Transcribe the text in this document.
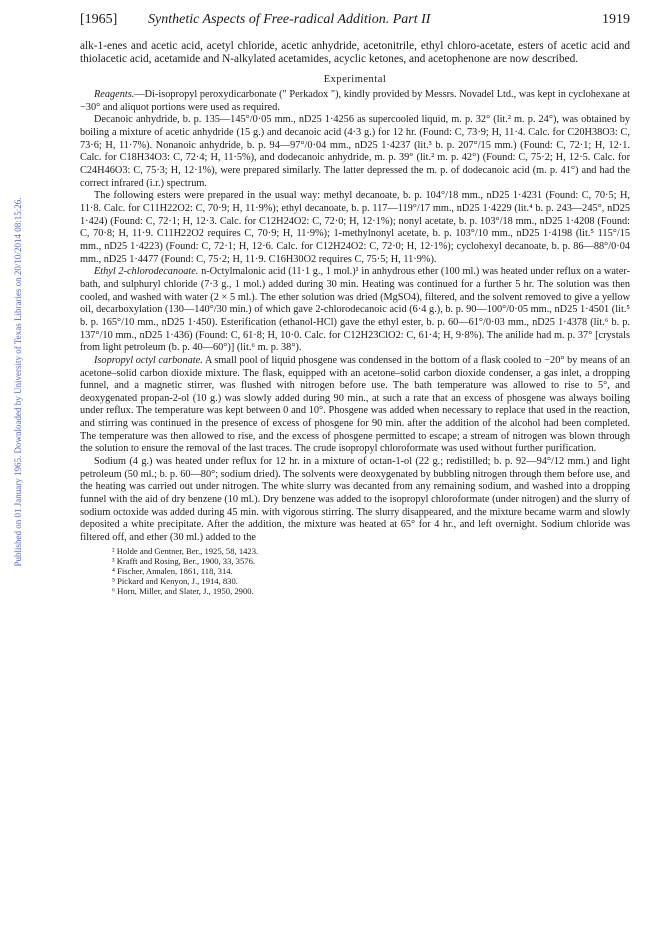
Published on 01 January 1965. Downloaded by University of Texas Libraries on 20/10/2014 08:15:26.
[1965] Synthetic Aspects of Free-radical Addition. Part II	1919

alk-1-enes and acetic acid, acetyl chloride, acetic anhydride, acetonitrile, ethyl chloro-acetate, esters of acetic acid and thiolacetic acid, acetamide and N-alkylated acetamides, acyclic ketones, and acetophenone are now described.

Experimental

Reagents.—Di-isopropyl peroxydicarbonate (" Perkadox "), kindly provided by Messrs. Novadel Ltd., was kept in cyclohexane at −30° and aliquot portions were used as required.

Decanoic anhydride, b. p. 135—145°/0·05 mm., nD25 1·4256 as supercooled liquid, m. p. 32° (lit.² m. p. 24°), was obtained by boiling a mixture of acetic anhydride (15 g.) and decanoic acid (4·3 g.) for 12 hr. (Found: C, 73·9; H, 11·4. Calc. for C20H38O3: C, 73·6; H, 11·7%). Nonanoic anhydride, b. p. 94—97°/0·04 mm., nD25 1·4237 (lit.³ b. p. 207°/15 mm.) (Found: C, 72·1; H, 12·1. Calc. for C18H34O3: C, 72·4; H, 11·5%), and dodecanoic anhydride, m. p. 39° (lit.² m. p. 42°) (Found: C, 75·2; H, 12·5. Calc. for C24H46O3: C, 75·3; H, 12·1%), were prepared similarly. The latter depressed the m. p. of dodecanoic acid (m. p. 41°) and had the correct infrared (i.r.) spectrum.

The following esters were prepared in the usual way: methyl decanoate, b. p. 104°/18 mm., nD25 1·4231 (Found: C, 70·5; H, 11·8. Calc. for C11H22O2: C, 70·9; H, 11·9%); ethyl decanoate, b. p. 117—119°/17 mm., nD25 1·4229 (lit.⁴ b. p. 243—245°, nD25 1·424) (Found: C, 72·1; H, 12·3. Calc. for C12H24O2: C, 72·0; H, 12·1%); nonyl acetate, b. p. 103°/18 mm., nD25 1·4208 (Found: C, 70·8; H, 11·9. C11H22O2 requires C, 70·9; H, 11·9%); 1-methylnonyl acetate, b. p. 103°/10 mm., nD25 1·4198 (lit.⁵ 115°/15 mm., nD25 1·4223) (Found: C, 72·1; H, 12·6. Calc. for C12H24O2: C, 72·0; H, 12·1%); cyclohexyl decanoate, b. p. 86—88°/0·04 mm., nD25 1·4477 (Found: C, 75·2; H, 11·9. C16H30O2 requires C, 75·5; H, 11·9%).

Ethyl 2-chlorodecanoate. n-Octylmalonic acid (11·1 g., 1 mol.)¹ in anhydrous ether (100 ml.) was heated under reflux on a water-bath, and sulphuryl chloride (7·3 g., 1 mol.) added during 30 min. Heating was continued for a further 5 hr. The solution was then cooled, and washed with water (2 × 5 ml.). The ether solution was dried (MgSO4), filtered, and the solvent removed to give a yellow oil, decarboxylation (130—140°/30 min.) of which gave 2-chlorodecanoic acid (6·4 g.), b. p. 90—100°/0·05 mm., nD25 1·4501 (lit.⁵ b. p. 165°/10 mm., nD25 1·450). Esterification (ethanol-HCl) gave the ethyl ester, b. p. 60—61°/0·03 mm., nD25 1·4378 (lit.⁶ b. p. 137°/10 mm., nD25 1·436) (Found: C, 61·8; H, 10·0. Calc. for C12H23ClO2: C, 61·4; H, 9·8%). The anilide had m. p. 37° [crystals from light petroleum (b. p. 40—60°)] (lit.⁶ m. p. 38°).

Isopropyl octyl carbonate. A small pool of liquid phosgene was condensed in the bottom of a flask cooled to −20° by means of an acetone–solid carbon dioxide mixture. The flask, equipped with an acetone–solid carbon dioxide condenser, a gas inlet, a dropping funnel, and a magnetic stirrer, was flushed with nitrogen before use. The bath temperature was allowed to rise to 5°, and deoxygenated propan-2-ol (10 g.) was slowly added during 90 min., at such a rate that an excess of phosgene was always boiling under reflux. The temperature was kept between 0 and 10°. Phosgene was added when necessary to replace that used in the reaction, and stirring was continued in the presence of excess of phosgene for 90 min. after the addition of the alcohol had been completed. The temperature was then allowed to rise, and the excess of phosgene permitted to escape; a stream of nitrogen was blown through the solution to ensure the removal of the last traces. The crude isopropyl chloroformate was used without further purification.

Sodium (4 g.) was heated under reflux for 12 hr. in a mixture of octan-1-ol (22 g.; redistilled; b. p. 92—94°/12 mm.) and light petroleum (50 ml.; b. p. 60—80°; sodium dried). The solvents were deoxygenated by bubbling nitrogen through them before use, and the heating was carried out under nitrogen. The white slurry was decanted from any remaining sodium, and washed into a dropping funnel with the aid of dry benzene (10 ml.). Dry benzene was added to the isopropyl chloroformate (under nitrogen) and the slurry of sodium octoxide was added during 45 min. with vigorous stirring. The slurry disappeared, and the mixture became warm and slowly deposited a white precipitate. After the addition, the mixture was heated at 65° for 4 hr., and left overnight. Sodium chloride was filtered off, and ether (30 ml.) added to the

² Holde and Gentner, Ber., 1925, 58, 1423.
³ Krafft and Rosing, Ber., 1900, 33, 3576.
⁴ Fischer, Annalen, 1861, 118, 314.
⁵ Pickard and Kenyon, J., 1914, 830.
⁶ Horn, Miller, and Slater, J., 1950, 2900.
